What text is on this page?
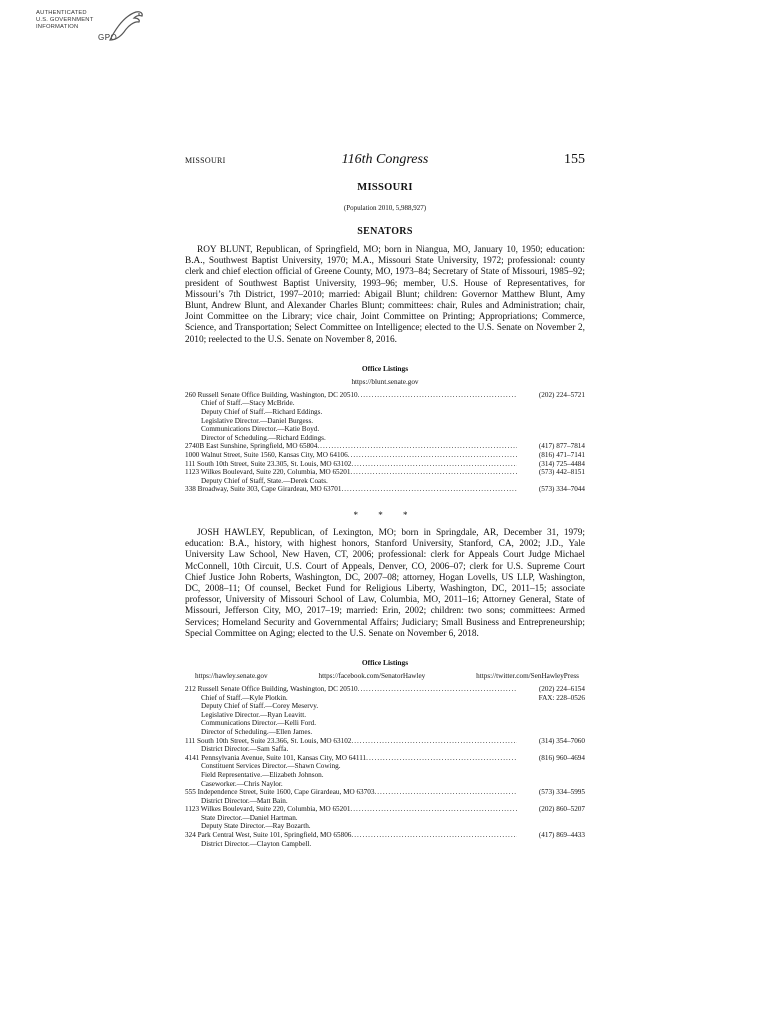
AUTHENTICATED
U.S. GOVERNMENT
INFORMATION
GPO
MISSOURI	116th Congress	155
MISSOURI
(Population 2010, 5,988,927)
SENATORS
ROY BLUNT, Republican, of Springfield, MO; born in Niangua, MO, January 10, 1950; education: B.A., Southwest Baptist University, 1970; M.A., Missouri State University, 1972; professional: county clerk and chief election official of Greene County, MO, 1973–84; Secretary of State of Missouri, 1985–92; president of Southwest Baptist University, 1993–96; member, U.S. House of Representatives, for Missouri’s 7th District, 1997–2010; married: Abigail Blunt; children: Governor Matthew Blunt, Amy Blunt, Andrew Blunt, and Alexander Charles Blunt; committees: chair, Rules and Administration; chair, Joint Committee on the Library; vice chair, Joint Committee on Printing; Appropriations; Commerce, Science, and Transportation; Select Committee on Intelligence; elected to the U.S. Senate on November 2, 2010; reelected to the U.S. Senate on November 8, 2016.
Office Listings
https://blunt.senate.gov
260 Russell Senate Office Building, Washington, DC 20510 .....	(202) 224–5721
Chief of Staff.—Stacy McBride.
Deputy Chief of Staff.—Richard Eddings.
Legislative Director.—Daniel Burgess.
Communications Director.—Katie Boyd.
Director of Scheduling.—Richard Eddings.
2740B East Sunshine, Springfield, MO 65804 .....	(417) 877–7814
1000 Walnut Street, Suite 1560, Kansas City, MO 64106 .....	(816) 471–7141
111 South 10th Street, Suite 23.305, St. Louis, MO 63102 .....	(314) 725–4484
1123 Wilkes Boulevard, Suite 220, Columbia, MO 65201 .....	(573) 442–8151
Deputy Chief of Staff, State.—Derek Coats.
338 Broadway, Suite 303, Cape Girardeau, MO 63701 .....	(573) 334–7044
* * *
JOSH HAWLEY, Republican, of Lexington, MO; born in Springdale, AR, December 31, 1979; education: B.A., history, with highest honors, Stanford University, Stanford, CA, 2002; J.D., Yale University Law School, New Haven, CT, 2006; professional: clerk for Appeals Court Judge Michael McConnell, 10th Circuit, U.S. Court of Appeals, Denver, CO, 2006–07; clerk for U.S. Supreme Court Chief Justice John Roberts, Washington, DC, 2007–08; attorney, Hogan Lovells, US LLP, Washington, DC, 2008–11; Of counsel, Becket Fund for Religious Liberty, Washington, DC, 2011–15; associate professor, University of Missouri School of Law, Columbia, MO, 2011–16; Attorney General, State of Missouri, Jefferson City, MO, 2017–19; married: Erin, 2002; children: two sons; committees: Armed Services; Homeland Security and Governmental Affairs; Judiciary; Small Business and Entrepreneurship; Special Committee on Aging; elected to the U.S. Senate on November 6, 2018.
Office Listings
https://hawley.senate.gov	https://facebook.com/SenatorHawley	https://twitter.com/SenHawleyPress
212 Russell Senate Office Building, Washington, DC 20510 .....	(202) 224–6154
FAX: 228–0526
Chief of Staff.—Kyle Plotkin.
Deputy Chief of Staff.—Corey Meservy.
Legislative Director.—Ryan Leavitt.
Communications Director.—Kelli Ford.
Director of Scheduling.—Ellen James.
111 South 10th Street, Suite 23.366, St. Louis, MO 63102 .....	(314) 354–7060
District Director.—Sam Saffa.
4141 Pennsylvania Avenue, Suite 101, Kansas City, MO 64111 .....	(816) 960–4694
Constituent Services Director.—Shawn Cowing.
Field Representative.—Elizabeth Johnson.
Caseworker.—Chris Naylor.
555 Independence Street, Suite 1600, Cape Girardeau, MO 63703 .....	(573) 334–5995
District Director.—Matt Bain.
1123 Wilkes Boulevard, Suite 220, Columbia, MO 65201 .....	(202) 860–5207
State Director.—Daniel Hartman.
Deputy State Director.—Ray Bozarth.
324 Park Central West, Suite 101, Springfield, MO 65806 .....	(417) 869–4433
District Director.—Clayton Campbell.
